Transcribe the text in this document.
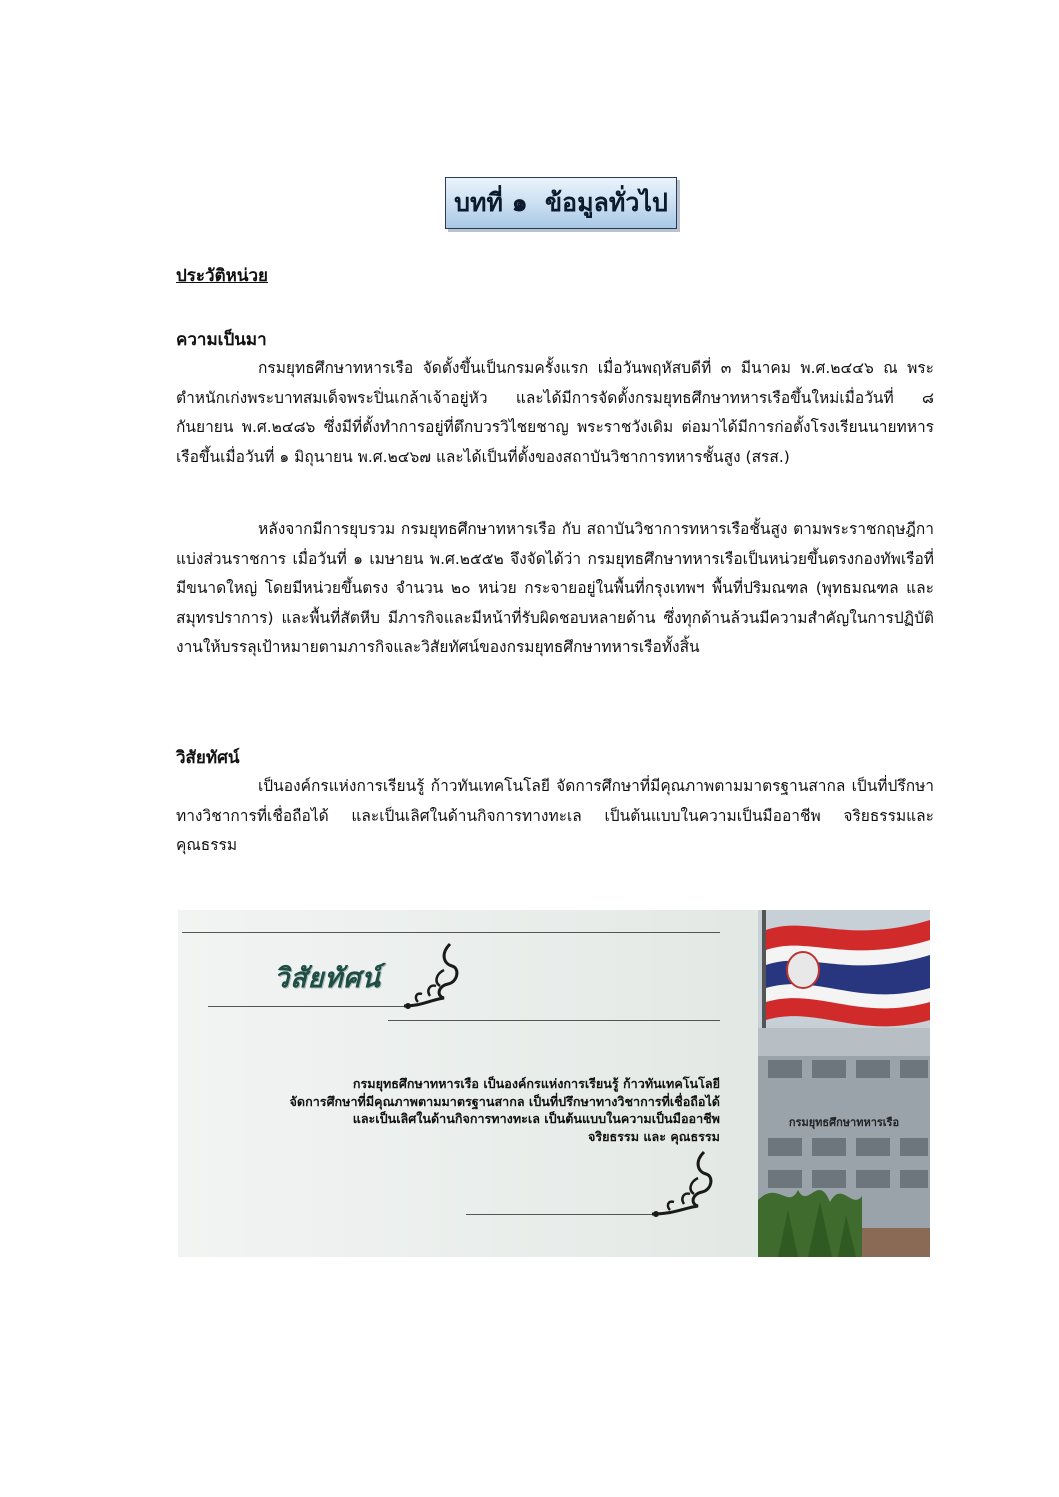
บทที่ ๑  ข้อมูลทั่วไป
ประวัติหน่วย
ความเป็นมา

กรมยุทธศึกษาทหารเรือ จัดตั้งขึ้นเป็นกรมครั้งแรก เมื่อวันพฤหัสบดีที่ ๓ มีนาคม พ.ศ.๒๔๔๖ ณ พระตำหนักเก่งพระบาทสมเด็จพระปิ่นเกล้าเจ้าอยู่หัว และได้มีการจัดตั้งกรมยุทธศึกษาทหารเรือขึ้นใหม่เมื่อวันที่ ๘ กันยายน พ.ศ.๒๔๘๖ ซึ่งมีที่ตั้งทำการอยู่ที่ตึกบวรวิไชยชาญ พระราชวังเดิม ต่อมาได้มีการก่อตั้งโรงเรียนนายทหารเรือขึ้นเมื่อวันที่ ๑ มิถุนายน พ.ศ.๒๔๖๗ และได้เป็นที่ตั้งของสถาบันวิชาการทหารชั้นสูง (สรส.)

หลังจากมีการยุบรวม กรมยุทธศึกษาทหารเรือ กับ สถาบันวิชาการทหารเรือชั้นสูง ตามพระราชกฤษฎีกาแบ่งส่วนราชการ เมื่อวันที่ ๑ เมษายน พ.ศ.๒๕๕๒ จึงจัดได้ว่า กรมยุทธศึกษาทหารเรือเป็นหน่วยขึ้นตรงกองทัพเรือที่มีขนาดใหญ่ โดยมีหน่วยขึ้นตรง จำนวน ๒๐ หน่วย กระจายอยู่ในพื้นที่กรุงเทพฯ พื้นที่ปริมณฑล (พุทธมณฑล และสมุทรปราการ) และพื้นที่สัตหีบ มีภารกิจและมีหน้าที่รับผิดชอบหลายด้าน ซึ่งทุกด้านล้วนมีความสำคัญในการปฏิบัติงานให้บรรลุเป้าหมายตามภารกิจและวิสัยทัศน์ของกรมยุทธศึกษาทหารเรือทั้งสิ้น

วิสัยทัศน์

เป็นองค์กรแห่งการเรียนรู้ ก้าวทันเทคโนโลยี จัดการศึกษาที่มีคุณภาพตามมาตรฐานสากล เป็นที่ปรึกษาทางวิชาการที่เชื่อถือได้ และเป็นเลิศในด้านกิจการทางทะเล เป็นต้นแบบในความเป็นมืออาชีพ จริยธรรมและคุณธรรม

วิสัยทัศน์
กรมยุทธศึกษาทหารเรือ เป็นองค์กรแห่งการเรียนรู้ ก้าวทันเทคโนโลยี
จัดการศึกษาที่มีคุณภาพตามมาตรฐานสากล เป็นที่ปรึกษาทางวิชาการที่เชื่อถือได้
และเป็นเลิศในด้านกิจการทางทะเล เป็นต้นแบบในความเป็นมืออาชีพ
จริยธรรม และ คุณธรรม
กรมยุทธศึกษาทหารเรือ
